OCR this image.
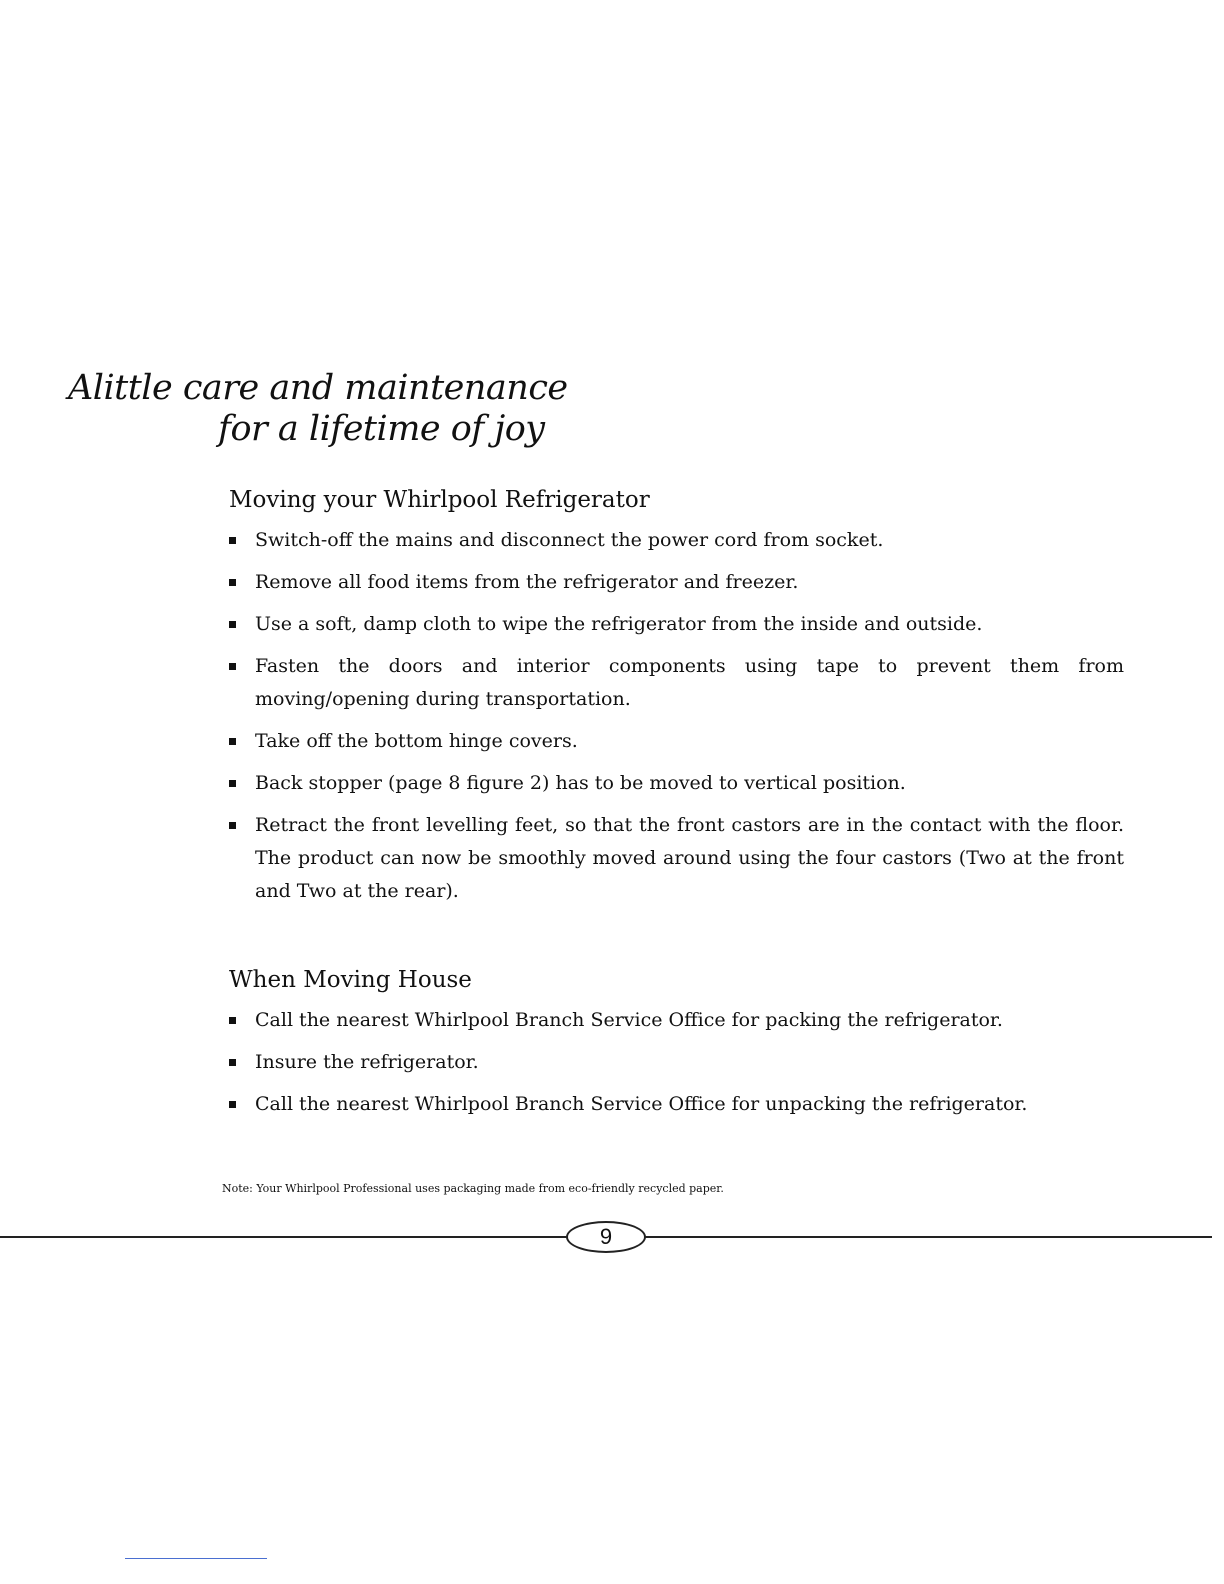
Alittle care and maintenance
for a lifetime of joy
Moving your Whirlpool Refrigerator
Switch-off the mains and disconnect the power cord from socket.
Remove all food items from the refrigerator and freezer.
Use a soft, damp cloth to wipe the refrigerator from the inside and outside.
Fasten the doors and interior components using tape to prevent them from moving/opening during transportation.
Take off the bottom hinge covers.
Back stopper (page 8 figure 2) has to be moved to vertical position.
Retract the front levelling feet, so that the front castors are in the contact with the floor. The product can now be smoothly moved around using the four castors (Two at the front and Two at the rear).
When Moving House
Call the nearest Whirlpool Branch Service Office for packing the refrigerator.
Insure the refrigerator.
Call the nearest Whirlpool Branch Service Office for unpacking the refrigerator.
Note: Your Whirlpool Professional uses packaging made from eco-friendly recycled paper.
9
